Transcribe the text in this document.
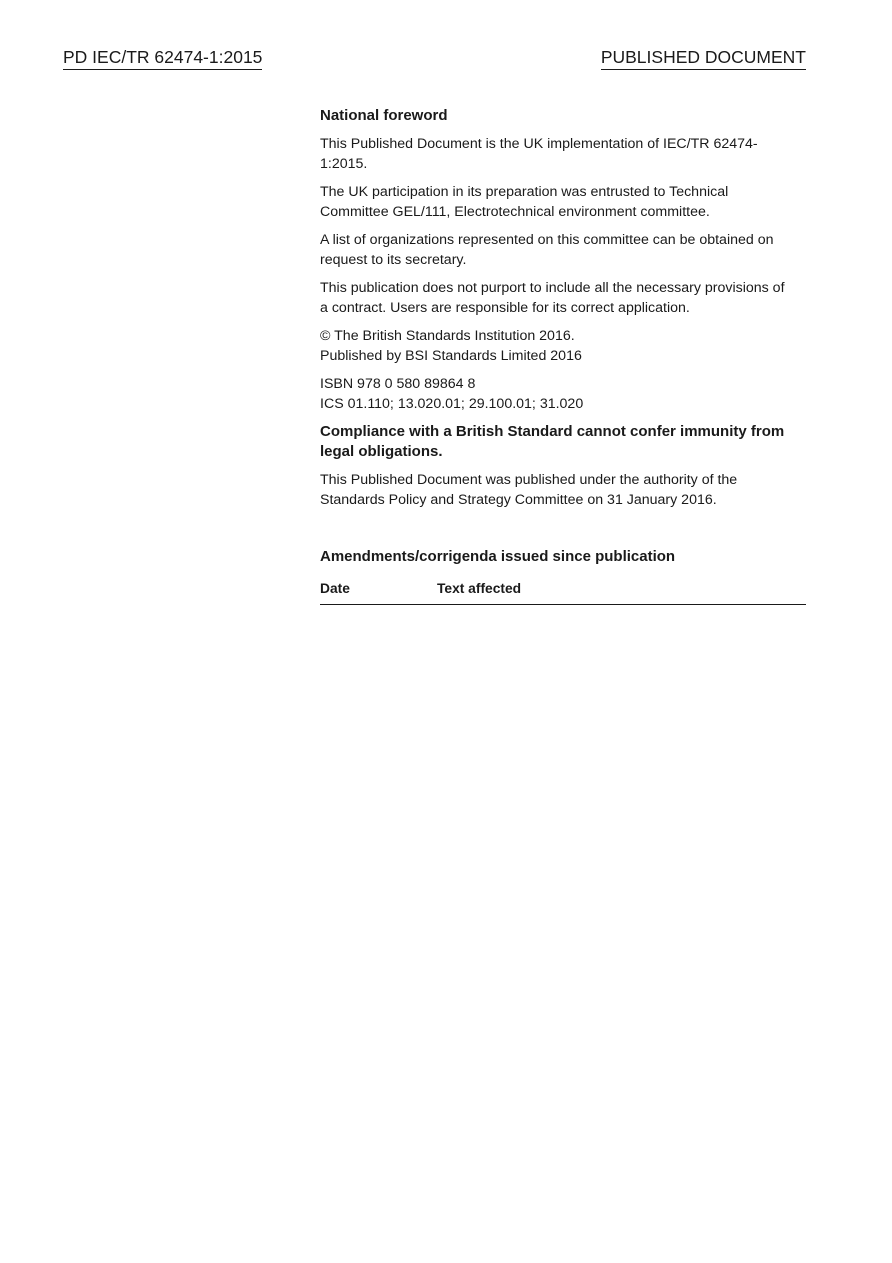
PD IEC/TR 62474-1:2015	PUBLISHED DOCUMENT
National foreword
This Published Document is the UK implementation of IEC/TR 62474-
1:2015.
The UK participation in its preparation was entrusted to Technical
Committee GEL/111, Electrotechnical environment committee.
A list of organizations represented on this committee can be obtained on
request to its secretary.
This publication does not purport to include all the necessary provisions of
a contract. Users are responsible for its correct application.
© The British Standards Institution 2016.
Published by BSI Standards Limited 2016
ISBN 978 0 580 89864 8
ICS 01.110; 13.020.01; 29.100.01; 31.020
Compliance with a British Standard cannot confer immunity from
legal obligations.
This Published Document was published under the authority of the
Standards Policy and Strategy Committee on 31 January 2016.
Amendments/corrigenda issued since publication
Date	Text affected
